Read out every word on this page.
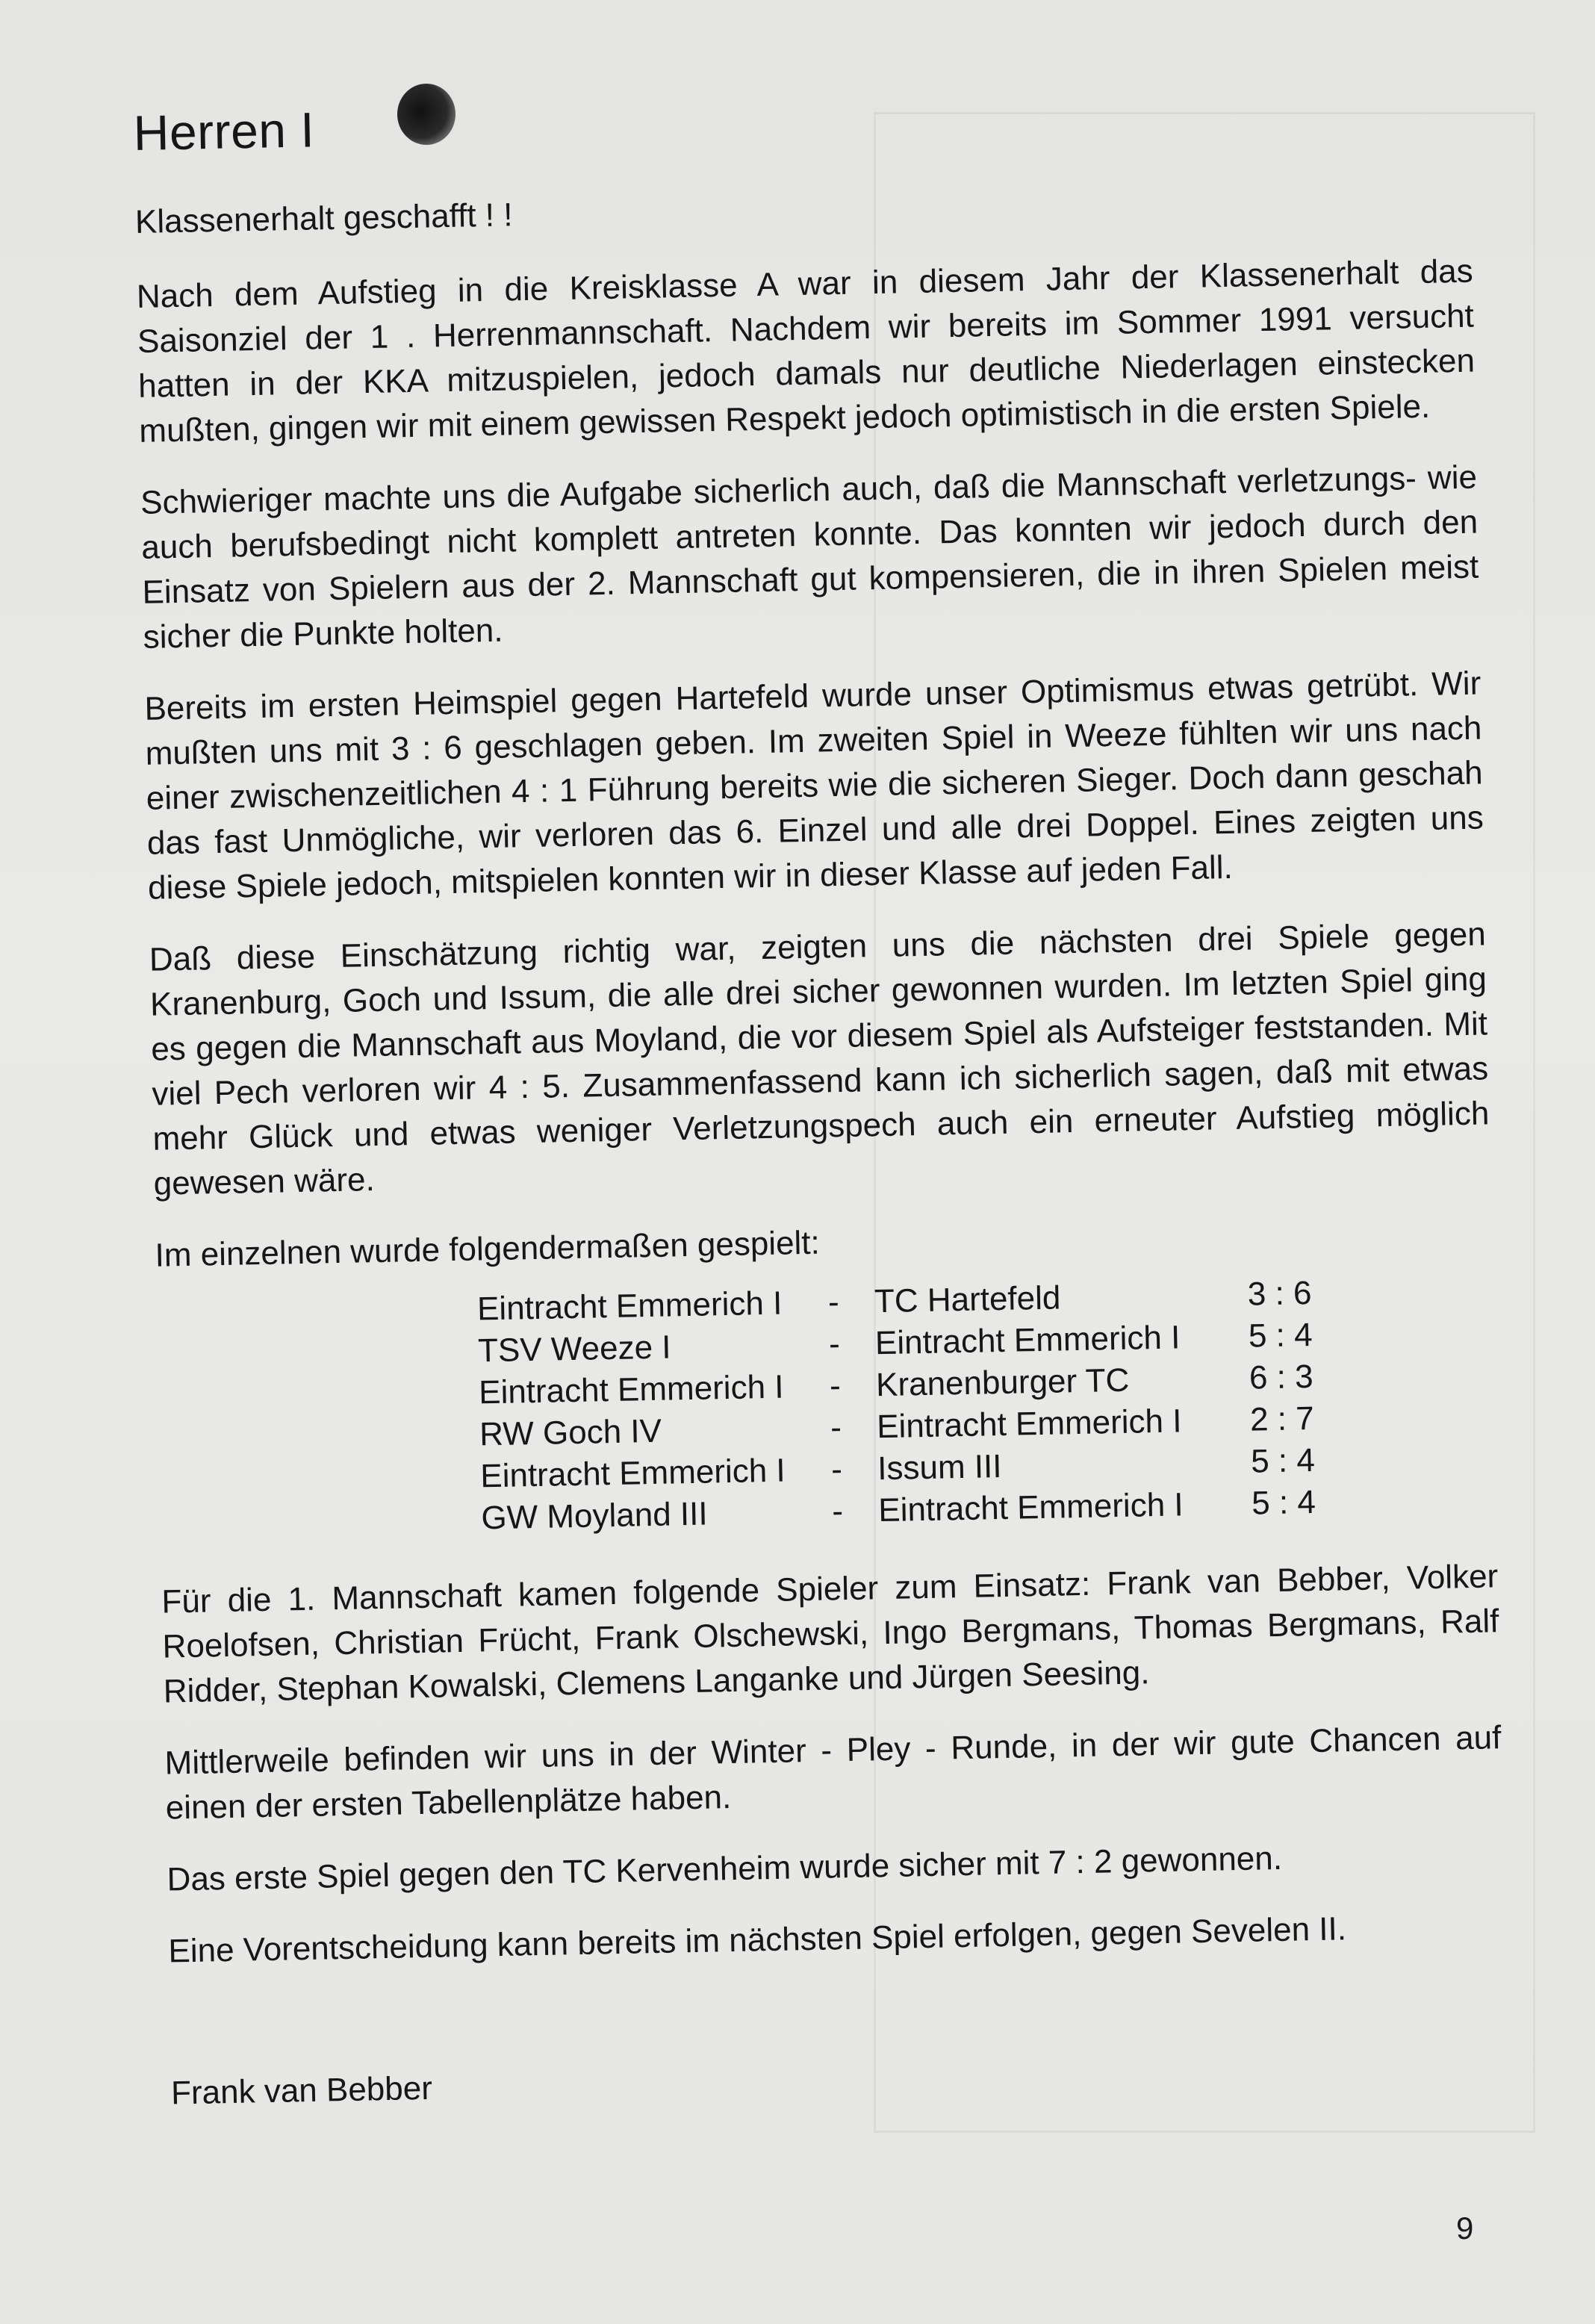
Herren I

Klassenerhalt geschafft ! !

Nach dem Aufstieg in die Kreisklasse A war in diesem Jahr der Klassenerhalt das Saisonziel der 1 . Herrenmannschaft. Nachdem wir bereits im Sommer 1991 versucht hatten in der KKA mitzuspielen, jedoch damals nur deutliche Niederlagen einstecken mußten, gingen wir mit einem gewissen Respekt jedoch optimistisch in die ersten Spiele.

Schwieriger machte uns die Aufgabe sicherlich auch, daß die Mannschaft verletzungs- wie auch berufsbedingt nicht komplett antreten konnte. Das konnten wir jedoch durch den Einsatz von Spielern aus der 2. Mannschaft gut kompensieren, die in ihren Spielen meist sicher die Punkte holten.

Bereits im ersten Heimspiel gegen Hartefeld wurde unser Optimismus etwas getrübt. Wir mußten uns mit 3 : 6 geschlagen geben. Im zweiten Spiel in Weeze fühlten wir uns nach einer zwischenzeitlichen 4 : 1 Führung bereits wie die sicheren Sieger. Doch dann geschah das fast Unmögliche, wir verloren das 6. Einzel und alle drei Doppel. Eines zeigten uns diese Spiele jedoch, mitspielen konnten wir in dieser Klasse auf jeden Fall.

Daß diese Einschätzung richtig war, zeigten uns die nächsten drei Spiele gegen Kranenburg, Goch und Issum, die alle drei sicher gewonnen wurden. Im letzten Spiel ging es gegen die Mannschaft aus Moyland, die vor diesem Spiel als Aufsteiger feststanden. Mit viel Pech verloren wir 4 : 5. Zusammenfassend kann ich sicherlich sagen, daß mit etwas mehr Glück und etwas weniger Verletzungspech auch ein erneuter Aufstieg möglich gewesen wäre.

Im einzelnen wurde folgendermaßen gespielt:

Eintracht Emmerich I	-	TC Hartefeld	3 : 6
TSV Weeze I	-	Eintracht Emmerich I	5 : 4
Eintracht Emmerich I	-	Kranenburger TC	6 : 3
RW Goch IV	-	Eintracht Emmerich I	2 : 7
Eintracht Emmerich I	-	Issum III	5 : 4
GW Moyland III	-	Eintracht Emmerich I	5 : 4

Für die 1. Mannschaft kamen folgende Spieler zum Einsatz: Frank van Bebber, Volker Roelofsen, Christian Frücht, Frank Olschewski, Ingo Bergmans, Thomas Bergmans, Ralf Ridder, Stephan Kowalski, Clemens Langanke und Jürgen Seesing.

Mittlerweile befinden wir uns in der Winter - Pley - Runde, in der wir gute Chancen auf einen der ersten Tabellenplätze haben.

Das erste Spiel gegen den TC Kervenheim wurde sicher mit 7 : 2 gewonnen.

Eine Vorentscheidung kann bereits im nächsten Spiel erfolgen, gegen Sevelen II.

Frank van Bebber

9
